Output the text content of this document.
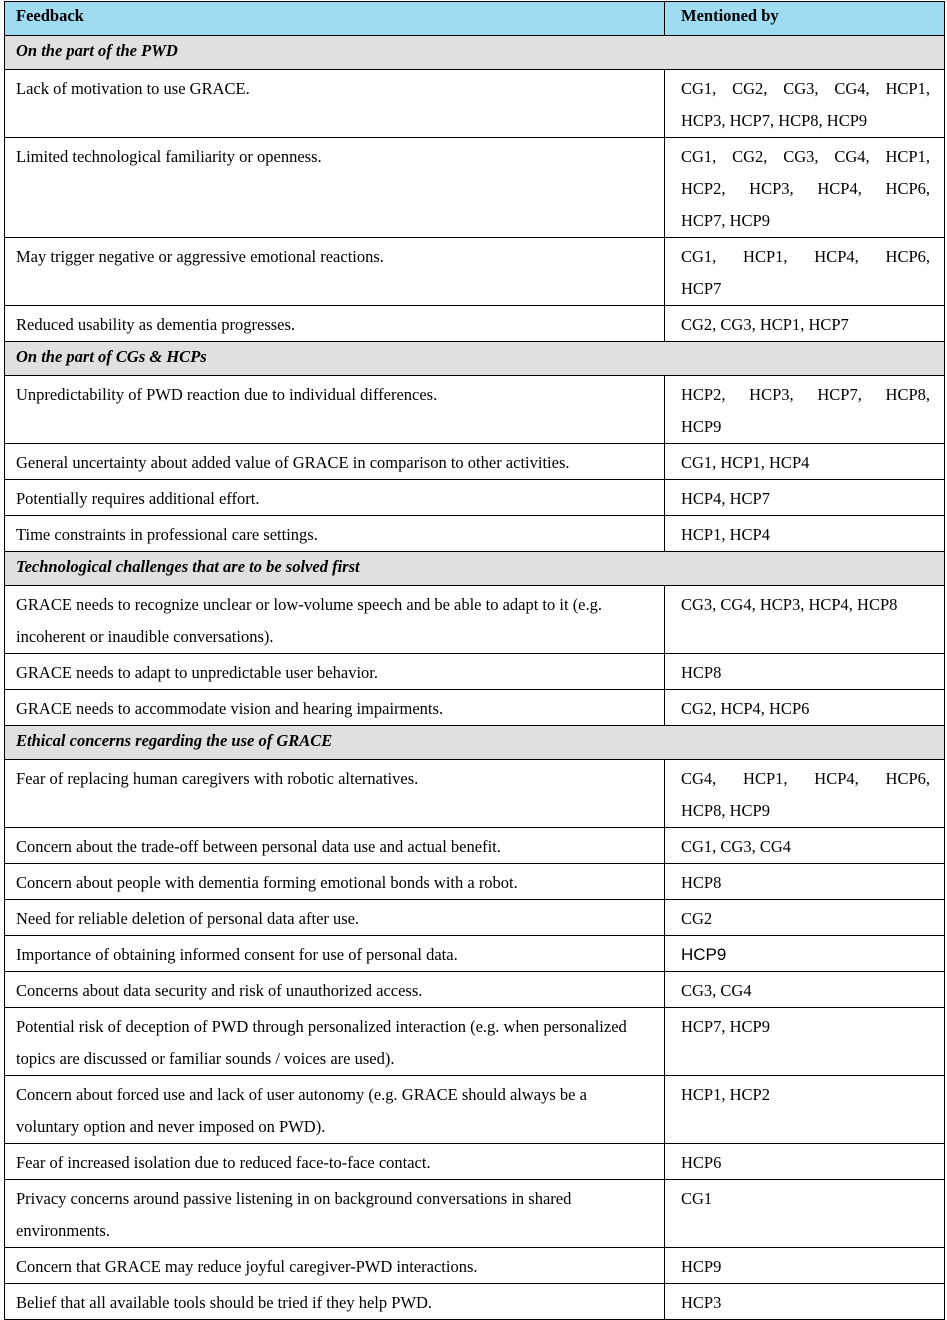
Feedback	Mentioned by
On the part of the PWD	
Lack of motivation to use GRACE.	CG1, CG2, CG3, CG4, HCP1,
HCP3, HCP7, HCP8, HCP9

Limited technological familiarity or openness.	CG1, CG2, CG3, CG4, HCP1,
HCP2, HCP3, HCP4, HCP6,
HCP7, HCP9

May trigger negative or aggressive emotional reactions.	CG1, HCP1, HCP4, HCP6,
HCP7

Reduced usability as dementia progresses.	CG2, CG3, HCP1, HCP7

On the part of CGs & HCPs	
Unpredictability of PWD reaction due to individual differences.	HCP2, HCP3, HCP7, HCP8,
HCP9

General uncertainty about added value of GRACE in comparison to other activities.	CG1, HCP1, HCP4

Potentially requires additional effort.	HCP4, HCP7

Time constraints in professional care settings.	HCP1, HCP4

Technological challenges that are to be solved first	
GRACE needs to recognize unclear or low-volume speech and be able to adapt to it (e.g. incoherent or inaudible conversations).	CG3, CG4, HCP3, HCP4, HCP8

GRACE needs to adapt to unpredictable user behavior.	HCP8

GRACE needs to accommodate vision and hearing impairments.	CG2, HCP4, HCP6

Ethical concerns regarding the use of GRACE	
Fear of replacing human caregivers with robotic alternatives.	CG4, HCP1, HCP4, HCP6,
HCP8, HCP9

Concern about the trade-off between personal data use and actual benefit.	CG1, CG3, CG4

Concern about people with dementia forming emotional bonds with a robot.	HCP8

Need for reliable deletion of personal data after use.	CG2

Importance of obtaining informed consent for use of personal data.	HCP9

Concerns about data security and risk of unauthorized access.	CG3, CG4

Potential risk of deception of PWD through personalized interaction (e.g. when personalized topics are discussed or familiar sounds / voices are used).	HCP7, HCP9

Concern about forced use and lack of user autonomy (e.g. GRACE should always be a voluntary option and never imposed on PWD).	HCP1, HCP2

Fear of increased isolation due to reduced face-to-face contact.	HCP6

Privacy concerns around passive listening in on background conversations in shared environments.	CG1

Concern that GRACE may reduce joyful caregiver-PWD interactions.	HCP9

Belief that all available tools should be tried if they help PWD.	HCP3
